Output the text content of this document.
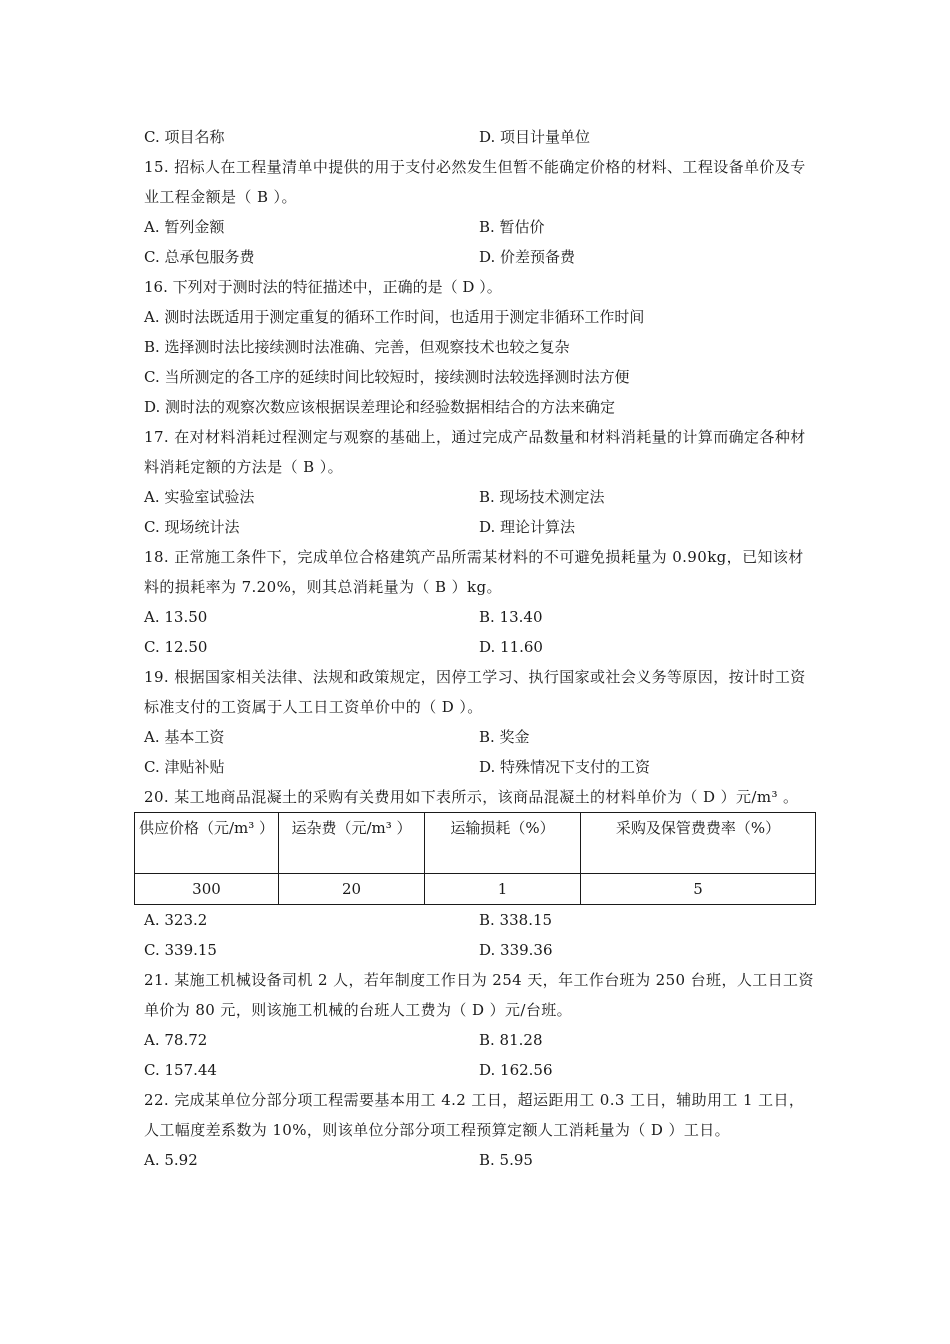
C. 项目名称	D. 项目计量单位
15. 招标人在工程量清单中提供的用于支付必然发生但暂不能确定价格的材料、工程设备单价及专业工程金额是（ B ）。
A. 暂列金额	B. 暂估价
C. 总承包服务费	D. 价差预备费
16. 下列对于测时法的特征描述中，正确的是（ D ）。
A. 测时法既适用于测定重复的循环工作时间，也适用于测定非循环工作时间
B. 选择测时法比接续测时法准确、完善，但观察技术也较之复杂
C. 当所测定的各工序的延续时间比较短时，接续测时法较选择测时法方便
D. 测时法的观察次数应该根据误差理论和经验数据相结合的方法来确定
17. 在对材料消耗过程测定与观察的基础上，通过完成产品数量和材料消耗量的计算而确定各种材料消耗定额的方法是（ B ）。
A. 实验室试验法	B. 现场技术测定法
C. 现场统计法	D. 理论计算法
18. 正常施工条件下，完成单位合格建筑产品所需某材料的不可避免损耗量为 0.90kg，已知该材料的损耗率为 7.20%，则其总消耗量为（ B ）kg。
A. 13.50	B. 13.40
C. 12.50	D. 11.60
19. 根据国家相关法律、法规和政策规定，因停工学习、执行国家或社会义务等原因，按计时工资标准支付的工资属于人工日工资单价中的（ D ）。
A. 基本工资	B. 奖金
C. 津贴补贴	D. 特殊情况下支付的工资
20. 某工地商品混凝土的采购有关费用如下表所示，该商品混凝土的材料单价为（ D ）元/m³ 。
供应价格（元/m³ ）	运杂费（元/m³ ）	运输损耗（%）	采购及保管费费率（%）
300	20	1	5
A. 323.2	B. 338.15
C. 339.15	D. 339.36
21. 某施工机械设备司机 2 人，若年制度工作日为 254 天，年工作台班为 250 台班，人工日工资单价为 80 元，则该施工机械的台班人工费为（ D ）元/台班。
A. 78.72	B. 81.28
C. 157.44	D. 162.56
22. 完成某单位分部分项工程需要基本用工 4.2 工日，超运距用工 0.3 工日，辅助用工 1 工日，人工幅度差系数为 10%，则该单位分部分项工程预算定额人工消耗量为（ D ）工日。
A. 5.92	B. 5.95
